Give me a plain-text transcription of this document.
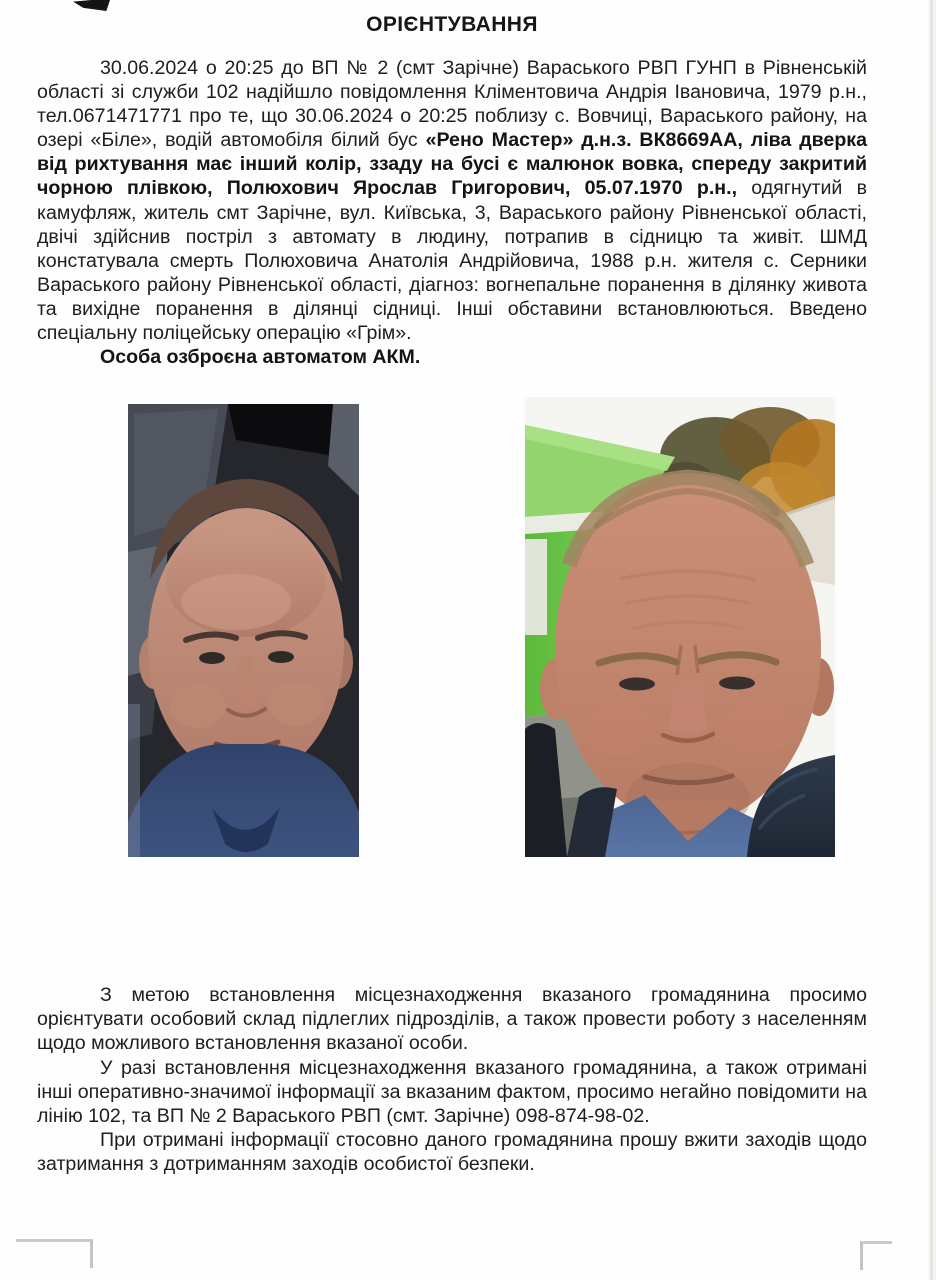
ОРІЄНТУВАННЯ

30.06.2024 о 20:25 до ВП № 2 (смт Зарічне) Вараського РВП ГУНП в Рівненській області зі служби 102 надійшло повідомлення Кліментовича Андрія Івановича, 1979 р.н., тел.0671471771 про те, що 30.06.2024 о 20:25 поблизу с. Вовчиці, Вараського району, на озері «Біле», водій автомобіля білий бус «Рено Мастер» д.н.з. ВК8669АА, ліва дверка від рихтування має інший колір, ззаду на бусі є малюнок вовка, спереду закритий чорною плівкою, Полюхович Ярослав Григорович, 05.07.1970 р.н., одягнутий в камуфляж, житель смт Зарічне, вул. Київська, 3, Вараського району Рівненської області, двічі здійснив постріл з автомату в людину, потрапив в сідницю та живіт. ШМД констатувала смерть Полюховича Анатолія Андрійовича, 1988 р.н. жителя с. Серники Вараського району Рівненської області, діагноз: вогнепальне поранення в ділянку живота та вихідне поранення в ділянці сідниці. Інші обставини встановлюються. Введено спеціальну поліцейську операцію «Грім».

Особа озброєна автоматом АКМ.

З метою встановлення місцезнаходження вказаного громадянина просимо орієнтувати особовий склад підлеглих підрозділів, а також провести роботу з населенням щодо можливого встановлення вказаної особи.

У разі встановлення місцезнаходження вказаного громадянина, а також отримані інші оперативно-значимої інформації за вказаним фактом, просимо негайно повідомити на лінію 102, та ВП № 2 Вараського РВП (смт. Зарічне) 098-874-98-02.

При отримані інформації стосовно даного громадянина прошу вжити заходів щодо затримання з дотриманням заходів особистої безпеки.
